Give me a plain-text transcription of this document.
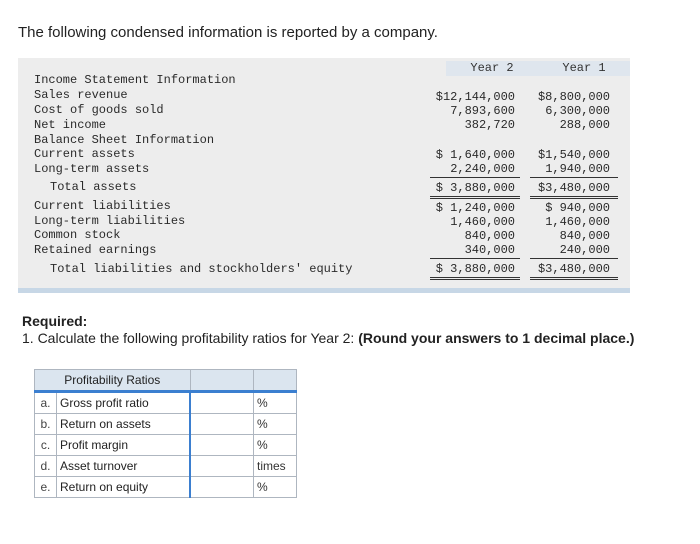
The following condensed information is reported by a company.
Year 2	Year 1
Income Statement Information
Sales revenue	$12,144,000 $8,800,000
Cost of goods sold	7,893,600	6,300,000
Net income	382,720	288,000
Balance Sheet Information
Current assets	$ 1,640,000 $1,540,000
Long-term assets	2,240,000	1,940,000
Total assets	$ 3,880,000 $3,480,000
Current liabilities	$ 1,240,000	$ 940,000
Long-term liabilities	1,460,000	1,460,000
Common stock	840,000	840,000
Retained earnings	340,000	240,000
Total liabilities and stockholders' equity	$ 3,880,000 $3,480,000
Required:
1. Calculate the following profitability ratios for Year 2: (Round your answers to 1 decimal place.)
Profitability Ratios			
a.	Gross profit ratio		%
b.	Return on assets		%
c.	Profit margin		%
d.	Asset turnover		times
e.	Return on equity		%
